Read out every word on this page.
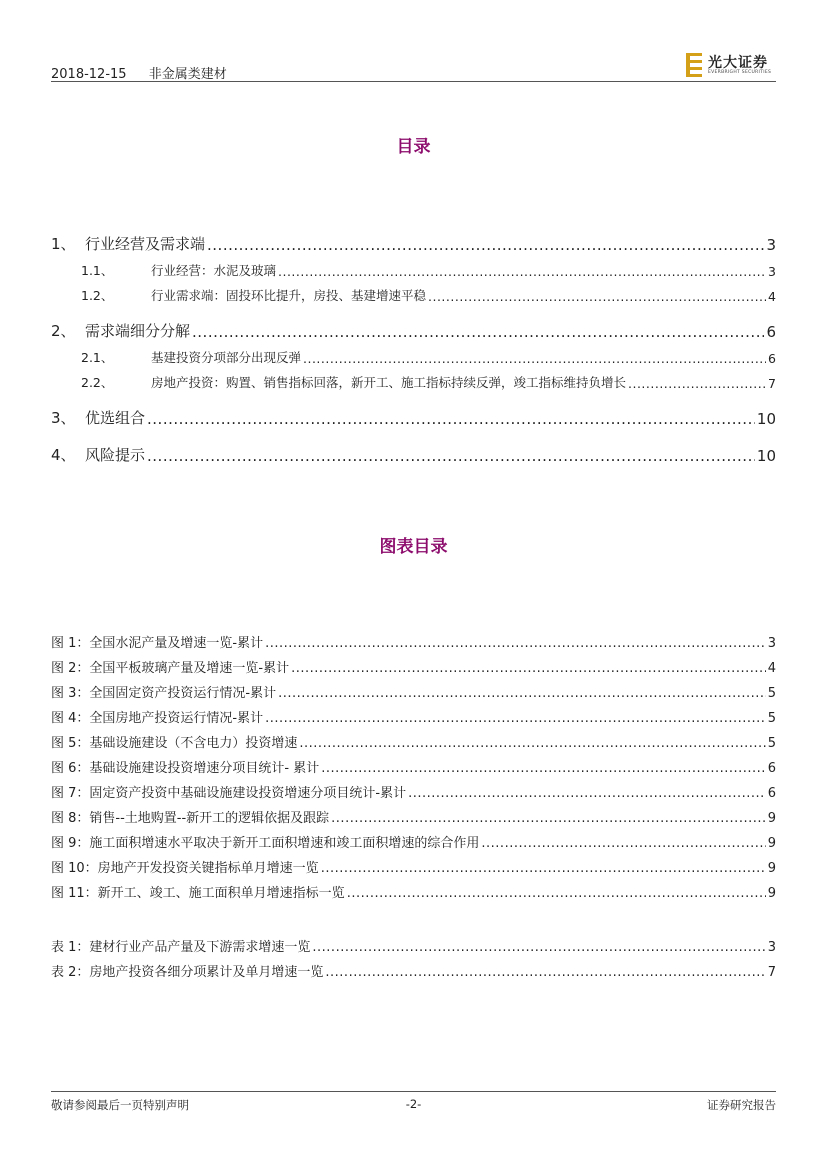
2018-12-15 非金属类建材
光大证券
EVERBRIGHT SECURITIES
目录
1、 行业经营及需求端 .....	3
1.1、	行业经营：水泥及玻璃 .....	3
1.2、	行业需求端：固投环比提升，房投、基建增速平稳 .....	4
2、 需求端细分分解 .....	6
2.1、	基建投资分项部分出现反弹 .....	6
2.2、	房地产投资：购置、销售指标回落，新开工、施工指标持续反弹，竣工指标维持负增长 .....	7
3、 优选组合 .....	10
4、 风险提示 .....	10
图表目录
图 1：全国水泥产量及增速一览-累计 .....	3
图 2：全国平板玻璃产量及增速一览-累计 .....	4
图 3：全国固定资产投资运行情况-累计 .....	5
图 4：全国房地产投资运行情况-累计 .....	5
图 5：基础设施建设（不含电力）投资增速 .....	5
图 6：基础设施建设投资增速分项目统计- 累计 .....	6
图 7：固定资产投资中基础设施建设投资增速分项目统计-累计 .....	6
图 8：销售--土地购置--新开工的逻辑依据及跟踪 .....	9
图 9：施工面积增速水平取决于新开工面积增速和竣工面积增速的综合作用 .....	9
图 10：房地产开发投资关键指标单月增速一览 .....	9
图 11：新开工、竣工、施工面积单月增速指标一览 .....	9
表 1：建材行业产品产量及下游需求增速一览 .....	3
表 2：房地产投资各细分项累计及单月增速一览 .....	7
敬请参阅最后一页特别声明	-2-	证券研究报告
